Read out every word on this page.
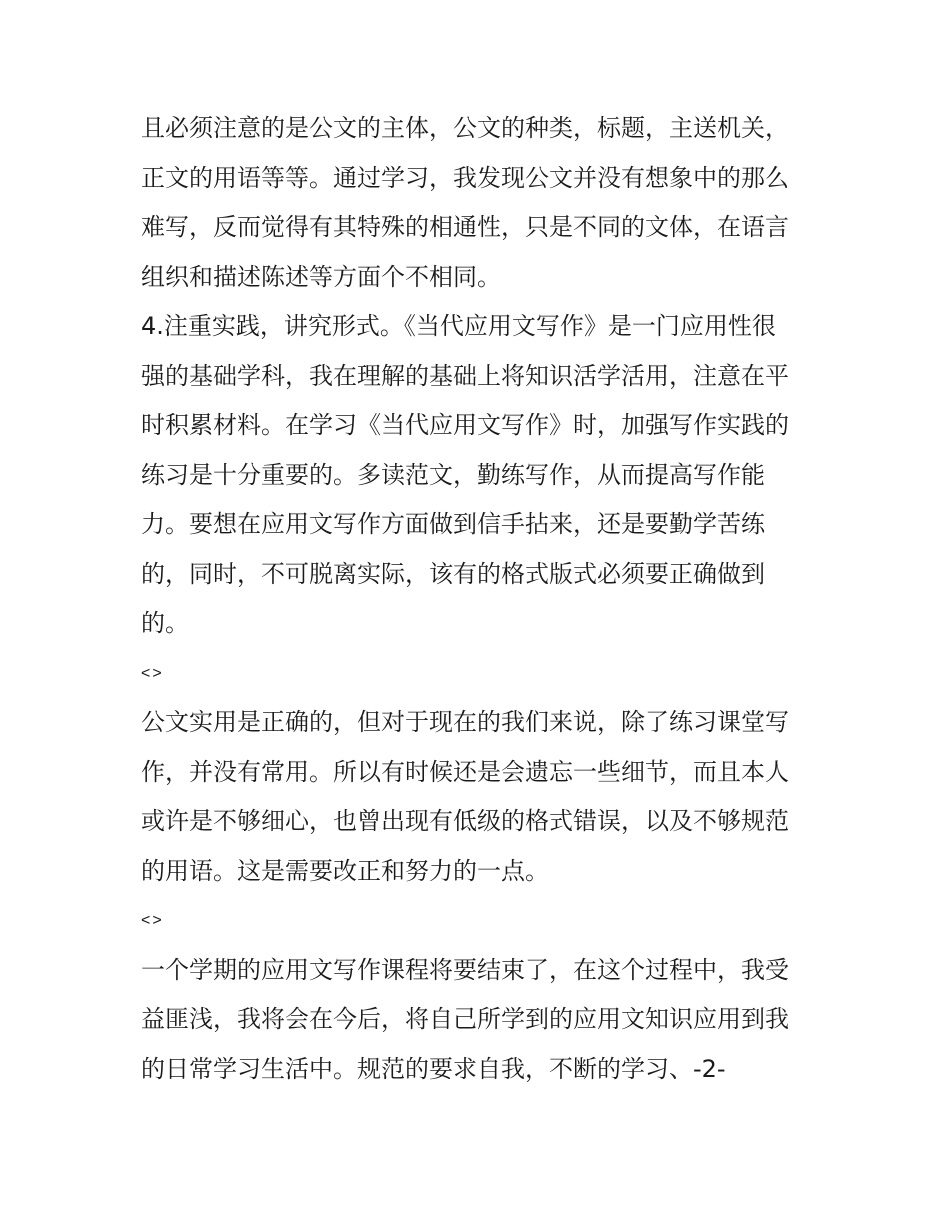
且必须注意的是公文的主体，公文的种类，标题，主送机关，
正文的用语等等。通过学习，我发现公文并没有想象中的那么
难写，反而觉得有其特殊的相通性，只是不同的文体，在语言
组织和描述陈述等方面个不相同。
4.注重实践，讲究形式。《当代应用文写作》是一门应用性很
强的基础学科，我在理解的基础上将知识活学活用，注意在平
时积累材料。在学习《当代应用文写作》时，加强写作实践的
练习是十分重要的。多读范文，勤练写作，从而提高写作能
力。要想在应用文写作方面做到信手拈来，还是要勤学苦练
的，同时，不可脱离实际，该有的格式版式必须要正确做到
的。
<>
公文实用是正确的，但对于现在的我们来说，除了练习课堂写
作，并没有常用。所以有时候还是会遗忘一些细节，而且本人
或许是不够细心，也曾出现有低级的格式错误，以及不够规范
的用语。这是需要改正和努力的一点。
<>
一个学期的应用文写作课程将要结束了，在这个过程中，我受
益匪浅，我将会在今后，将自己所学到的应用文知识应用到我
的日常学习生活中。规范的要求自我，不断的学习、-2-
